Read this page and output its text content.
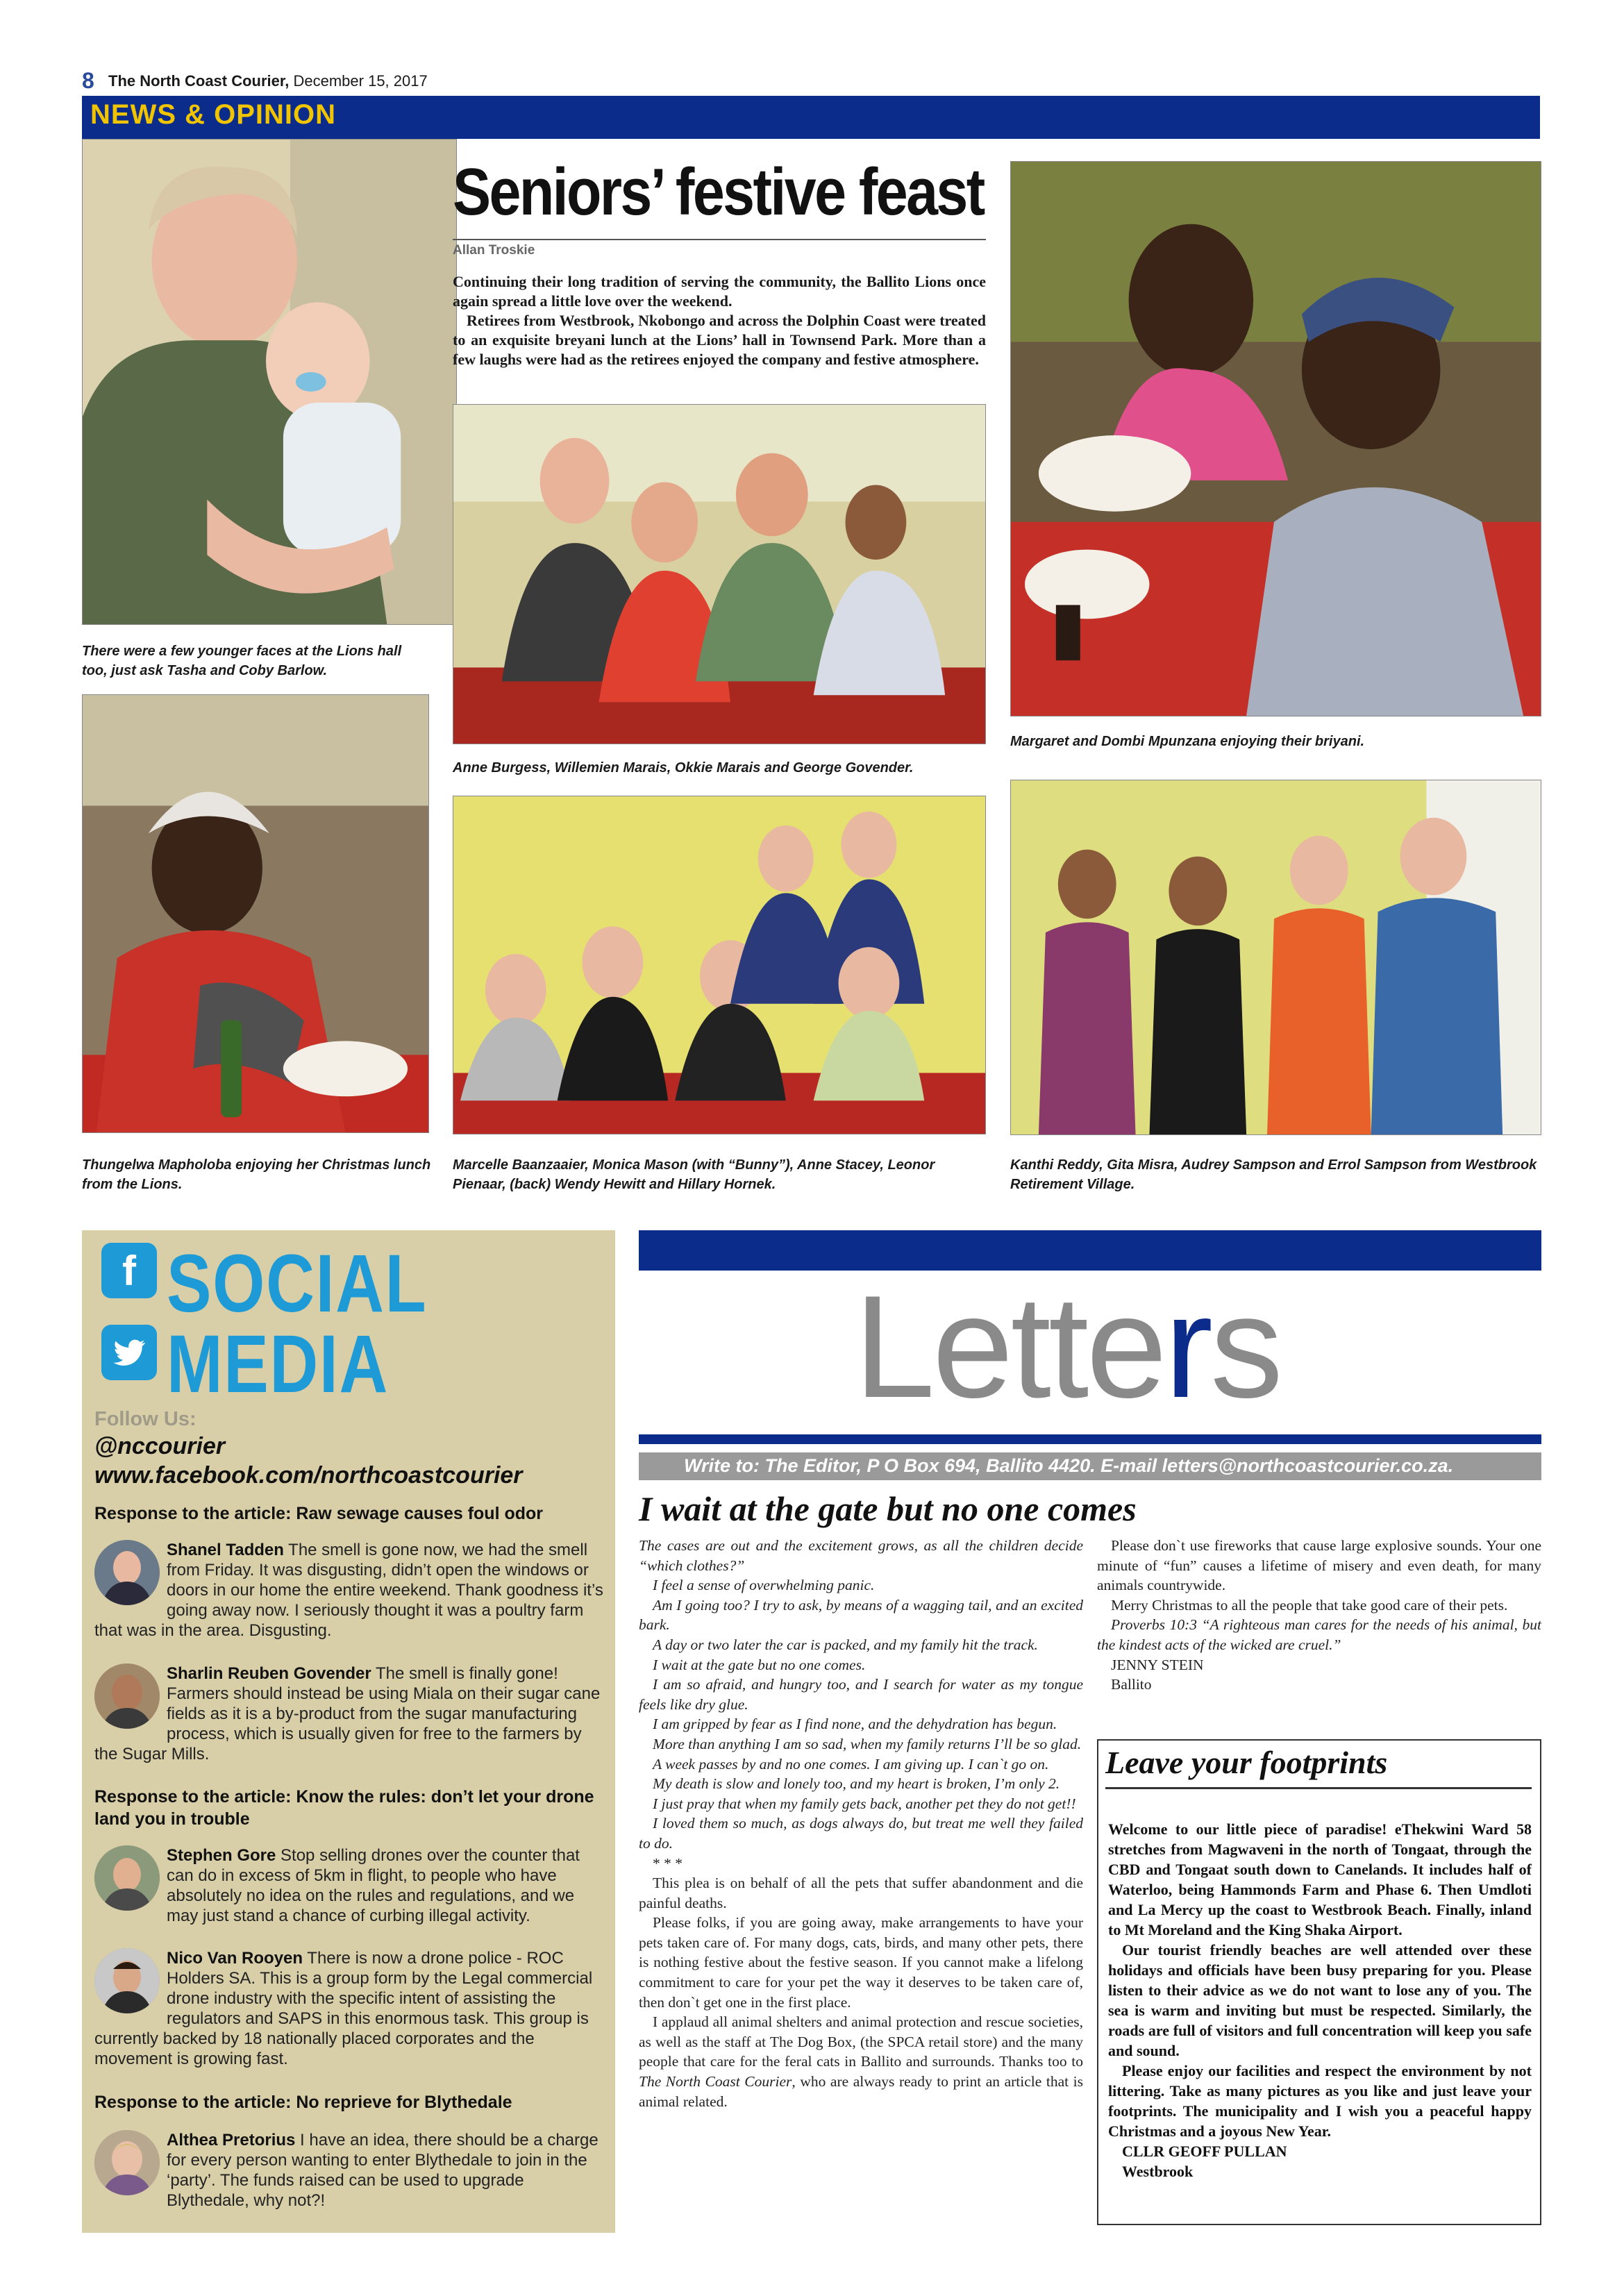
8 The North Coast Courier, December 15, 2017
NEWS & OPINION
There were a few younger faces at the Lions hall too, just ask Tasha and Coby Barlow.
Seniors’ festive feast
Allan Troskie

Continuing their long tradition of serving the community, the Ballito Lions once again spread a little love over the weekend.

Retirees from Westbrook, Nkobongo and across the Dolphin Coast were treated to an exquisite breyani lunch at the Lions’ hall in Townsend Park. More than a few laughs were had as the retirees enjoyed the company and festive atmosphere.

Margaret and Dombi Mpunzana enjoying their briyani.
Anne Burgess, Willemien Marais, Okkie Marais and George Govender.
Thungelwa Mapholoba enjoying her Christmas lunch from the Lions.
Marcelle Baanzaaier, Monica Mason (with “Bunny”), Anne Stacey, Leonor Pienaar, (back) Wendy Hewitt and Hillary Hornek.
Kanthi Reddy, Gita Misra, Audrey Sampson and Errol Sampson from Westbrook Retirement Village.
f SOCIAL
MEDIA
Follow Us:
@nccourier
www.facebook.com/northcoastcourier
Response to the article: Raw sewage causes foul odor
Shanel Tadden The smell is gone now, we had the smell from Friday. It was disgusting, didn’t open the windows or doors in our home the entire weekend. Thank goodness it’s going away now. I seriously thought it was a poultry farm that was in the area. Disgusting.
Sharlin Reuben Govender The smell is finally gone! Farmers should instead be using Miala on their sugar cane fields as it is a by-product from the sugar manufacturing process, which is usually given for free to the farmers by the Sugar Mills.
Response to the article: Know the rules: don’t let your drone land you in trouble
Stephen Gore Stop selling drones over the counter that can do in excess of 5km in flight, to people who have absolutely no idea on the rules and regulations, and we may just stand a chance of curbing illegal activity.
Nico Van Rooyen There is now a drone police - ROC Holders SA. This is a group form by the Legal commercial drone industry with the specific intent of assisting the regulators and SAPS in this enormous task. This group is currently backed by 18 nationally placed corporates and the movement is growing fast.
Response to the article: No reprieve for Blythedale
Althea Pretorius I have an idea, there should be a charge for every person wanting to enter Blythedale to join in the ‘party’. The funds raised can be used to upgrade Blythedale, why not?!
Letters
Write to: The Editor, P O Box 694, Ballito 4420. E-mail letters@northcoastcourier.co.za.
I wait at the gate but no one comes

The cases are out and the excitement grows, as all the children decide “which clothes?”

I feel a sense of overwhelming panic.

Am I going too? I try to ask, by means of a wagging tail, and an excited bark.

A day or two later the car is packed, and my family hit the track.

I wait at the gate but no one comes.

I am so afraid, and hungry too, and I search for water as my tongue feels like dry glue.

I am gripped by fear as I find none, and the dehydration has begun.

More than anything I am so sad, when my family returns I’ll be so glad.

A week passes by and no one comes. I am giving up. I can`t go on.

My death is slow and lonely too, and my heart is broken, I’m only 2.

I just pray that when my family gets back, another pet they do not get!!

I loved them so much, as dogs always do, but treat me well they failed to do.

* * *

This plea is on behalf of all the pets that suffer abandonment and die painful deaths.

Please folks, if you are going away, make arrangements to have your pets taken care of. For many dogs, cats, birds, and many other pets, there is nothing festive about the festive season. If you cannot make a lifelong commitment to care for your pet the way it deserves to be taken care of, then don`t get one in the first place.

I applaud all animal shelters and animal protection and rescue societies, as well as the staff at The Dog Box, (the SPCA retail store) and the many people that care for the feral cats in Ballito and surrounds. Thanks too to The North Coast Courier, who are always ready to print an article that is animal related.

Please don`t use fireworks that cause large explosive sounds. Your one minute of “fun” causes a lifetime of misery and even death, for many animals countrywide.

Merry Christmas to all the people that take good care of their pets.

Proverbs 10:3 “A righteous man cares for the needs of his animal, but the kindest acts of the wicked are cruel.”

JENNY STEIN

Ballito

Leave your footprints

Welcome to our little piece of paradise! eThekwini Ward 58 stretches from Magwaveni in the north of Tongaat, through the CBD and Tongaat south down to Canelands. It includes half of Waterloo, being Hammonds Farm and Phase 6. Then Umdloti and La Mercy up the coast to Westbrook Beach. Finally, inland to Mt Moreland and the King Shaka Airport.

Our tourist friendly beaches are well attended over these holidays and officials have been busy preparing for you. Please listen to their advice as we do not want to lose any of you. The sea is warm and inviting but must be respected. Similarly, the roads are full of visitors and full concentration will keep you safe and sound.

Please enjoy our facilities and respect the environment by not littering. Take as many pictures as you like and just leave your footprints. The municipality and I wish you a peaceful happy Christmas and a joyous New Year.

CLLR GEOFF PULLAN

Westbrook
